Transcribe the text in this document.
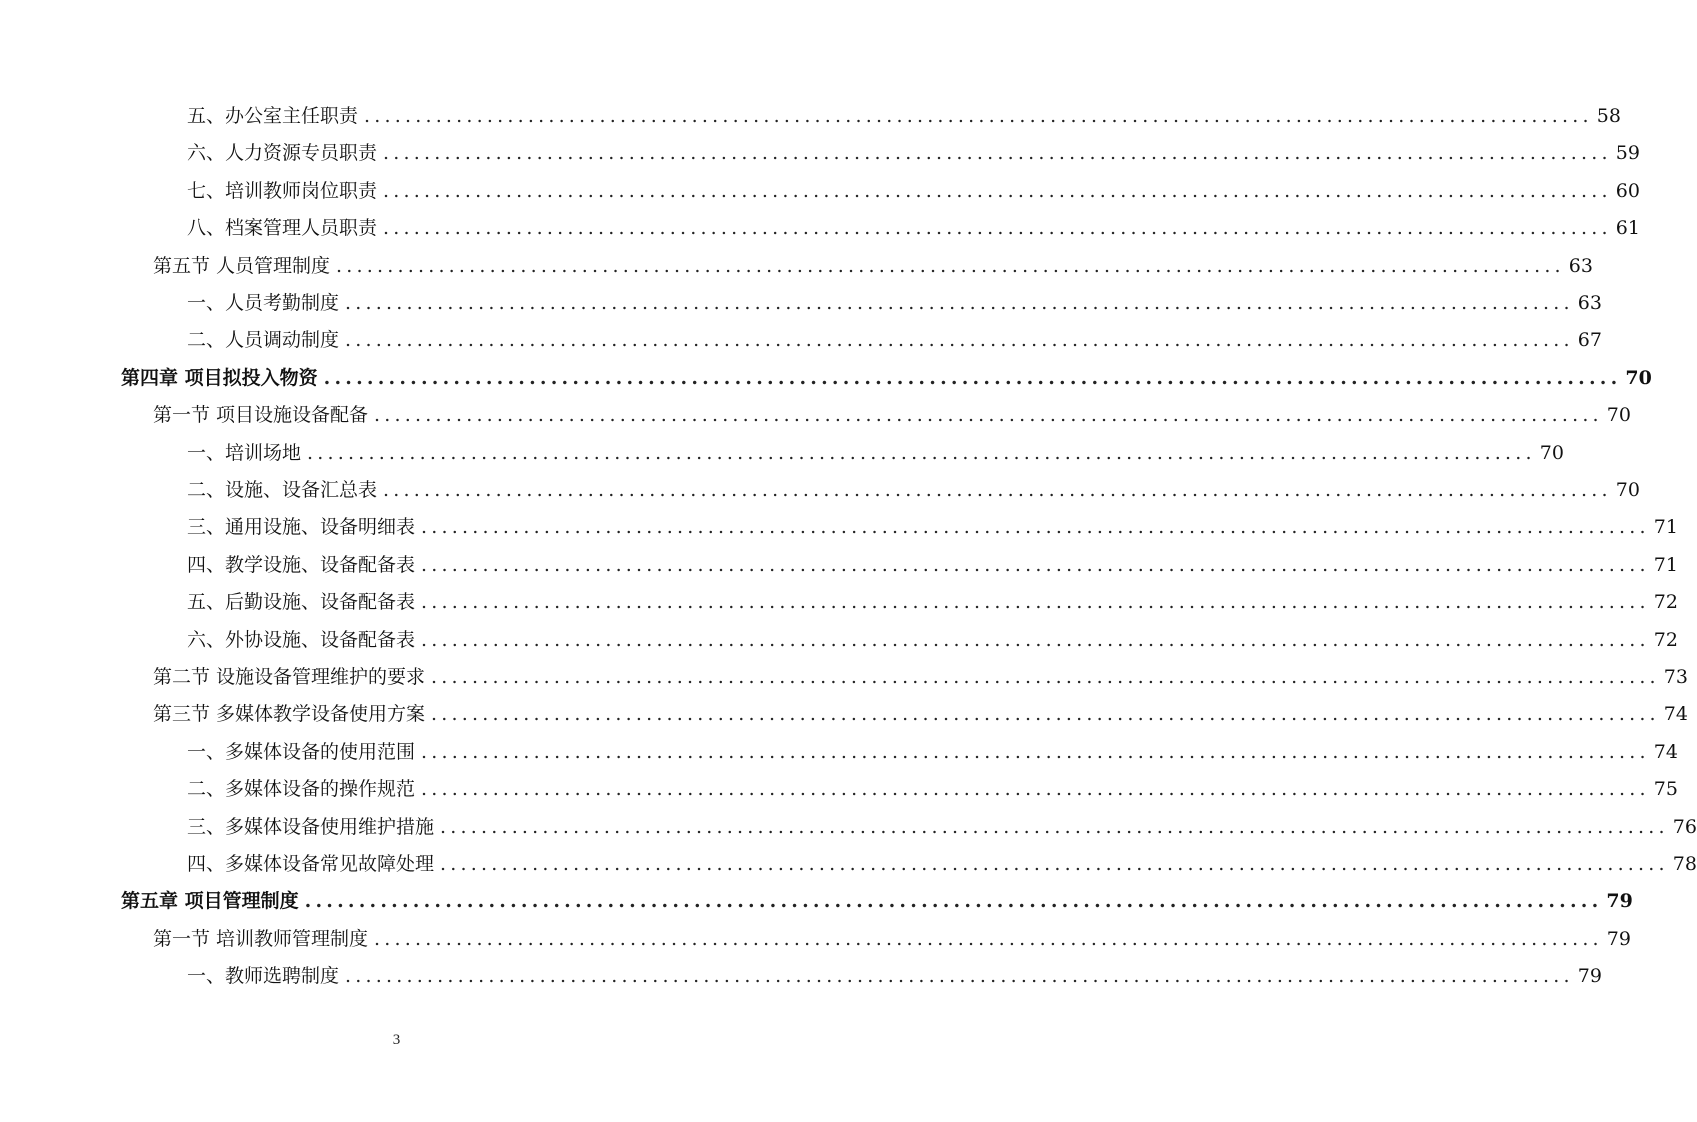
五、办公室主任职责 ........................................................................................................................ 58
六、人力资源专员职责 ........................................................................................................................ 59
七、培训教师岗位职责 ........................................................................................................................ 60
八、档案管理人员职责 ........................................................................................................................ 61
第五节 人员管理制度 ........................................................................................................................ 63
一、人员考勤制度 ........................................................................................................................ 63
二、人员调动制度 ........................................................................................................................ 67
第四章 项目拟投入物资 ........................................................................................................................ 70
第一节 项目设施设备配备 ........................................................................................................................ 70
一、培训场地 ........................................................................................................................ 70
二、设施、设备汇总表 ........................................................................................................................ 70
三、通用设施、设备明细表 ........................................................................................................................ 71
四、教学设施、设备配备表 ........................................................................................................................ 71
五、后勤设施、设备配备表 ........................................................................................................................ 72
六、外协设施、设备配备表 ........................................................................................................................ 72
第二节 设施设备管理维护的要求 ........................................................................................................................ 73
第三节 多媒体教学设备使用方案 ........................................................................................................................ 74
一、多媒体设备的使用范围 ........................................................................................................................ 74
二、多媒体设备的操作规范 ........................................................................................................................ 75
三、多媒体设备使用维护措施 ........................................................................................................................ 76
四、多媒体设备常见故障处理 ........................................................................................................................ 78
第五章 项目管理制度 ........................................................................................................................ 79
第一节 培训教师管理制度 ........................................................................................................................ 79
一、教师选聘制度 ........................................................................................................................ 79
3
